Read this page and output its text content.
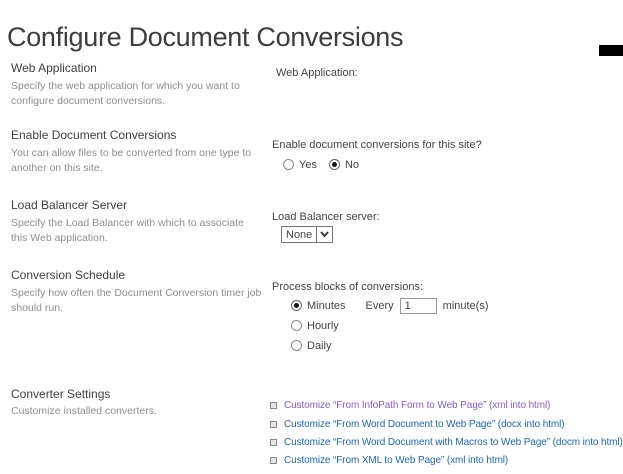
Configure Document Conversions
Web Application
Specify the web application for which you want to configure document conversions.
Web Application:
Enable Document Conversions
You can allow files to be converted from one type to another on this site.
Enable document conversions for this site?
Yes	No
Load Balancer Server
Specify the Load Balancer with which to associate this Web application.
Load Balancer server:
None
Conversion Schedule
Specify how often the Document Conversion timer job should run.
Process blocks of conversions:
Minutes Every
1	minute(s)
Hourly
Daily
Converter Settings
Customize installed converters.	Customize “From InfoPath Form to Web Page” (xml into html)
Customize “From Word Document to Web Page” (docx into html)
Customize “From Word Document with Macros to Web Page” (docm into html)
Customize “From XML to Web Page” (xml into html)
